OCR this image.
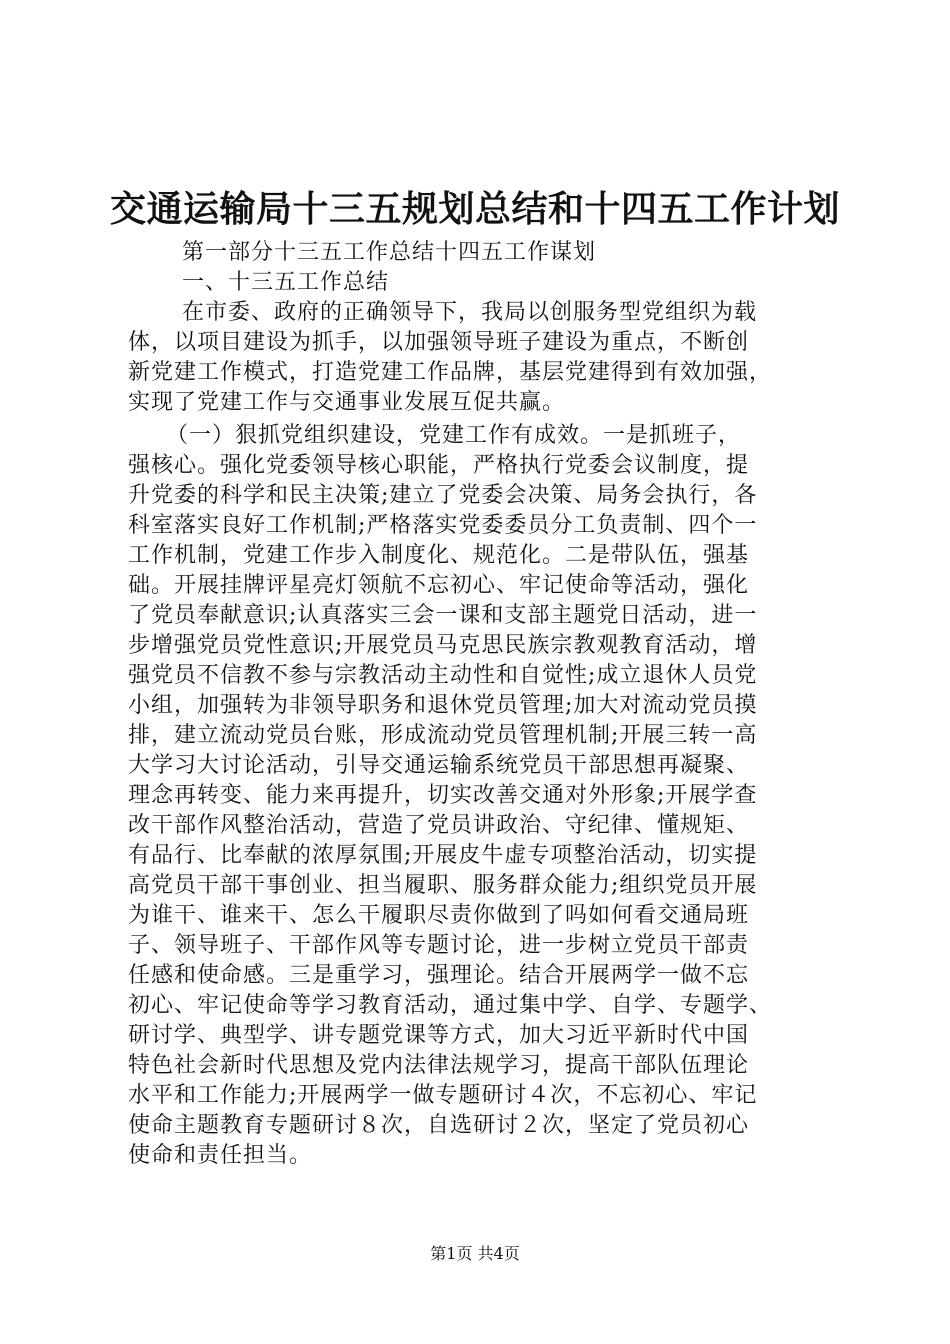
交通运输局十三五规划总结和十四五工作计划
第一部分十三五工作总结十四五工作谋划
一、十三五工作总结
在市委、政府的正确领导下，我局以创服务型党组织为载
体，以项目建设为抓手，以加强领导班子建设为重点，不断创
新党建工作模式，打造党建工作品牌，基层党建得到有效加强，
实现了党建工作与交通事业发展互促共赢。
（一）狠抓党组织建设，党建工作有成效。一是抓班子，
强核心。强化党委领导核心职能，严格执行党委会议制度，提
升党委的科学和民主决策;建立了党委会决策、局务会执行，各
科室落实良好工作机制;严格落实党委委员分工负责制、四个一
工作机制，党建工作步入制度化、规范化。二是带队伍，强基
础。开展挂牌评星亮灯领航不忘初心、牢记使命等活动，强化
了党员奉献意识;认真落实三会一课和支部主题党日活动，进一
步增强党员党性意识;开展党员马克思民族宗教观教育活动，增
强党员不信教不参与宗教活动主动性和自觉性;成立退休人员党
小组，加强转为非领导职务和退休党员管理;加大对流动党员摸
排，建立流动党员台账，形成流动党员管理机制;开展三转一高
大学习大讨论活动，引导交通运输系统党员干部思想再凝聚、
理念再转变、能力来再提升，切实改善交通对外形象;开展学查
改干部作风整治活动，营造了党员讲政治、守纪律、懂规矩、
有品行、比奉献的浓厚氛围;开展皮牛虚专项整治活动，切实提
高党员干部干事创业、担当履职、服务群众能力;组织党员开展
为谁干、谁来干、怎么干履职尽责你做到了吗如何看交通局班
子、领导班子、干部作风等专题讨论，进一步树立党员干部责
任感和使命感。三是重学习，强理论。结合开展两学一做不忘
初心、牢记使命等学习教育活动，通过集中学、自学、专题学、
研讨学、典型学、讲专题党课等方式，加大习近平新时代中国
特色社会新时代思想及党内法律法规学习，提高干部队伍理论
水平和工作能力;开展两学一做专题研讨４次，不忘初心、牢记
使命主题教育专题研讨８次，自选研讨２次，坚定了党员初心
使命和责任担当。
第1页 共4页
